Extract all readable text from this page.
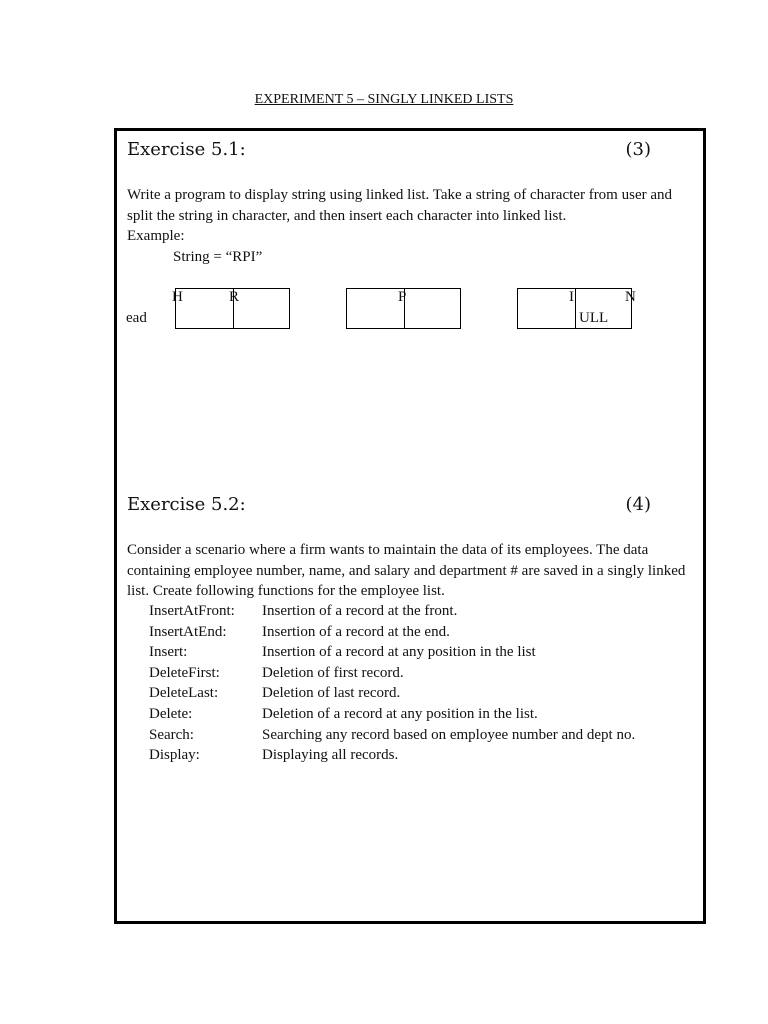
EXPERIMENT 5 – SINGLY LINKED LISTS
Exercise 5.1:	(3)

Write a program to display string using linked list. Take a string of character from user and

split the string in character, and then insert each character into linked list.

Example:

String = “RPI”

H	R	P	I	N
ead	ULL
Exercise 5.2:	(4)

Consider a scenario where a firm wants to maintain the data of its employees. The data

containing employee number, name, and salary and department # are saved in a singly linked

list. Create following functions for the employee list.

InsertAtFront:	Insertion of a record at the front.
InsertAtEnd:	Insertion of a record at the end.
Insert:	Insertion of a record at any position in the list
DeleteFirst:	Deletion of first record.
DeleteLast:	Deletion of last record.
Delete:	Deletion of a record at any position in the list.
Search:	Searching any record based on employee number and dept no.
Display:	Displaying all records.
